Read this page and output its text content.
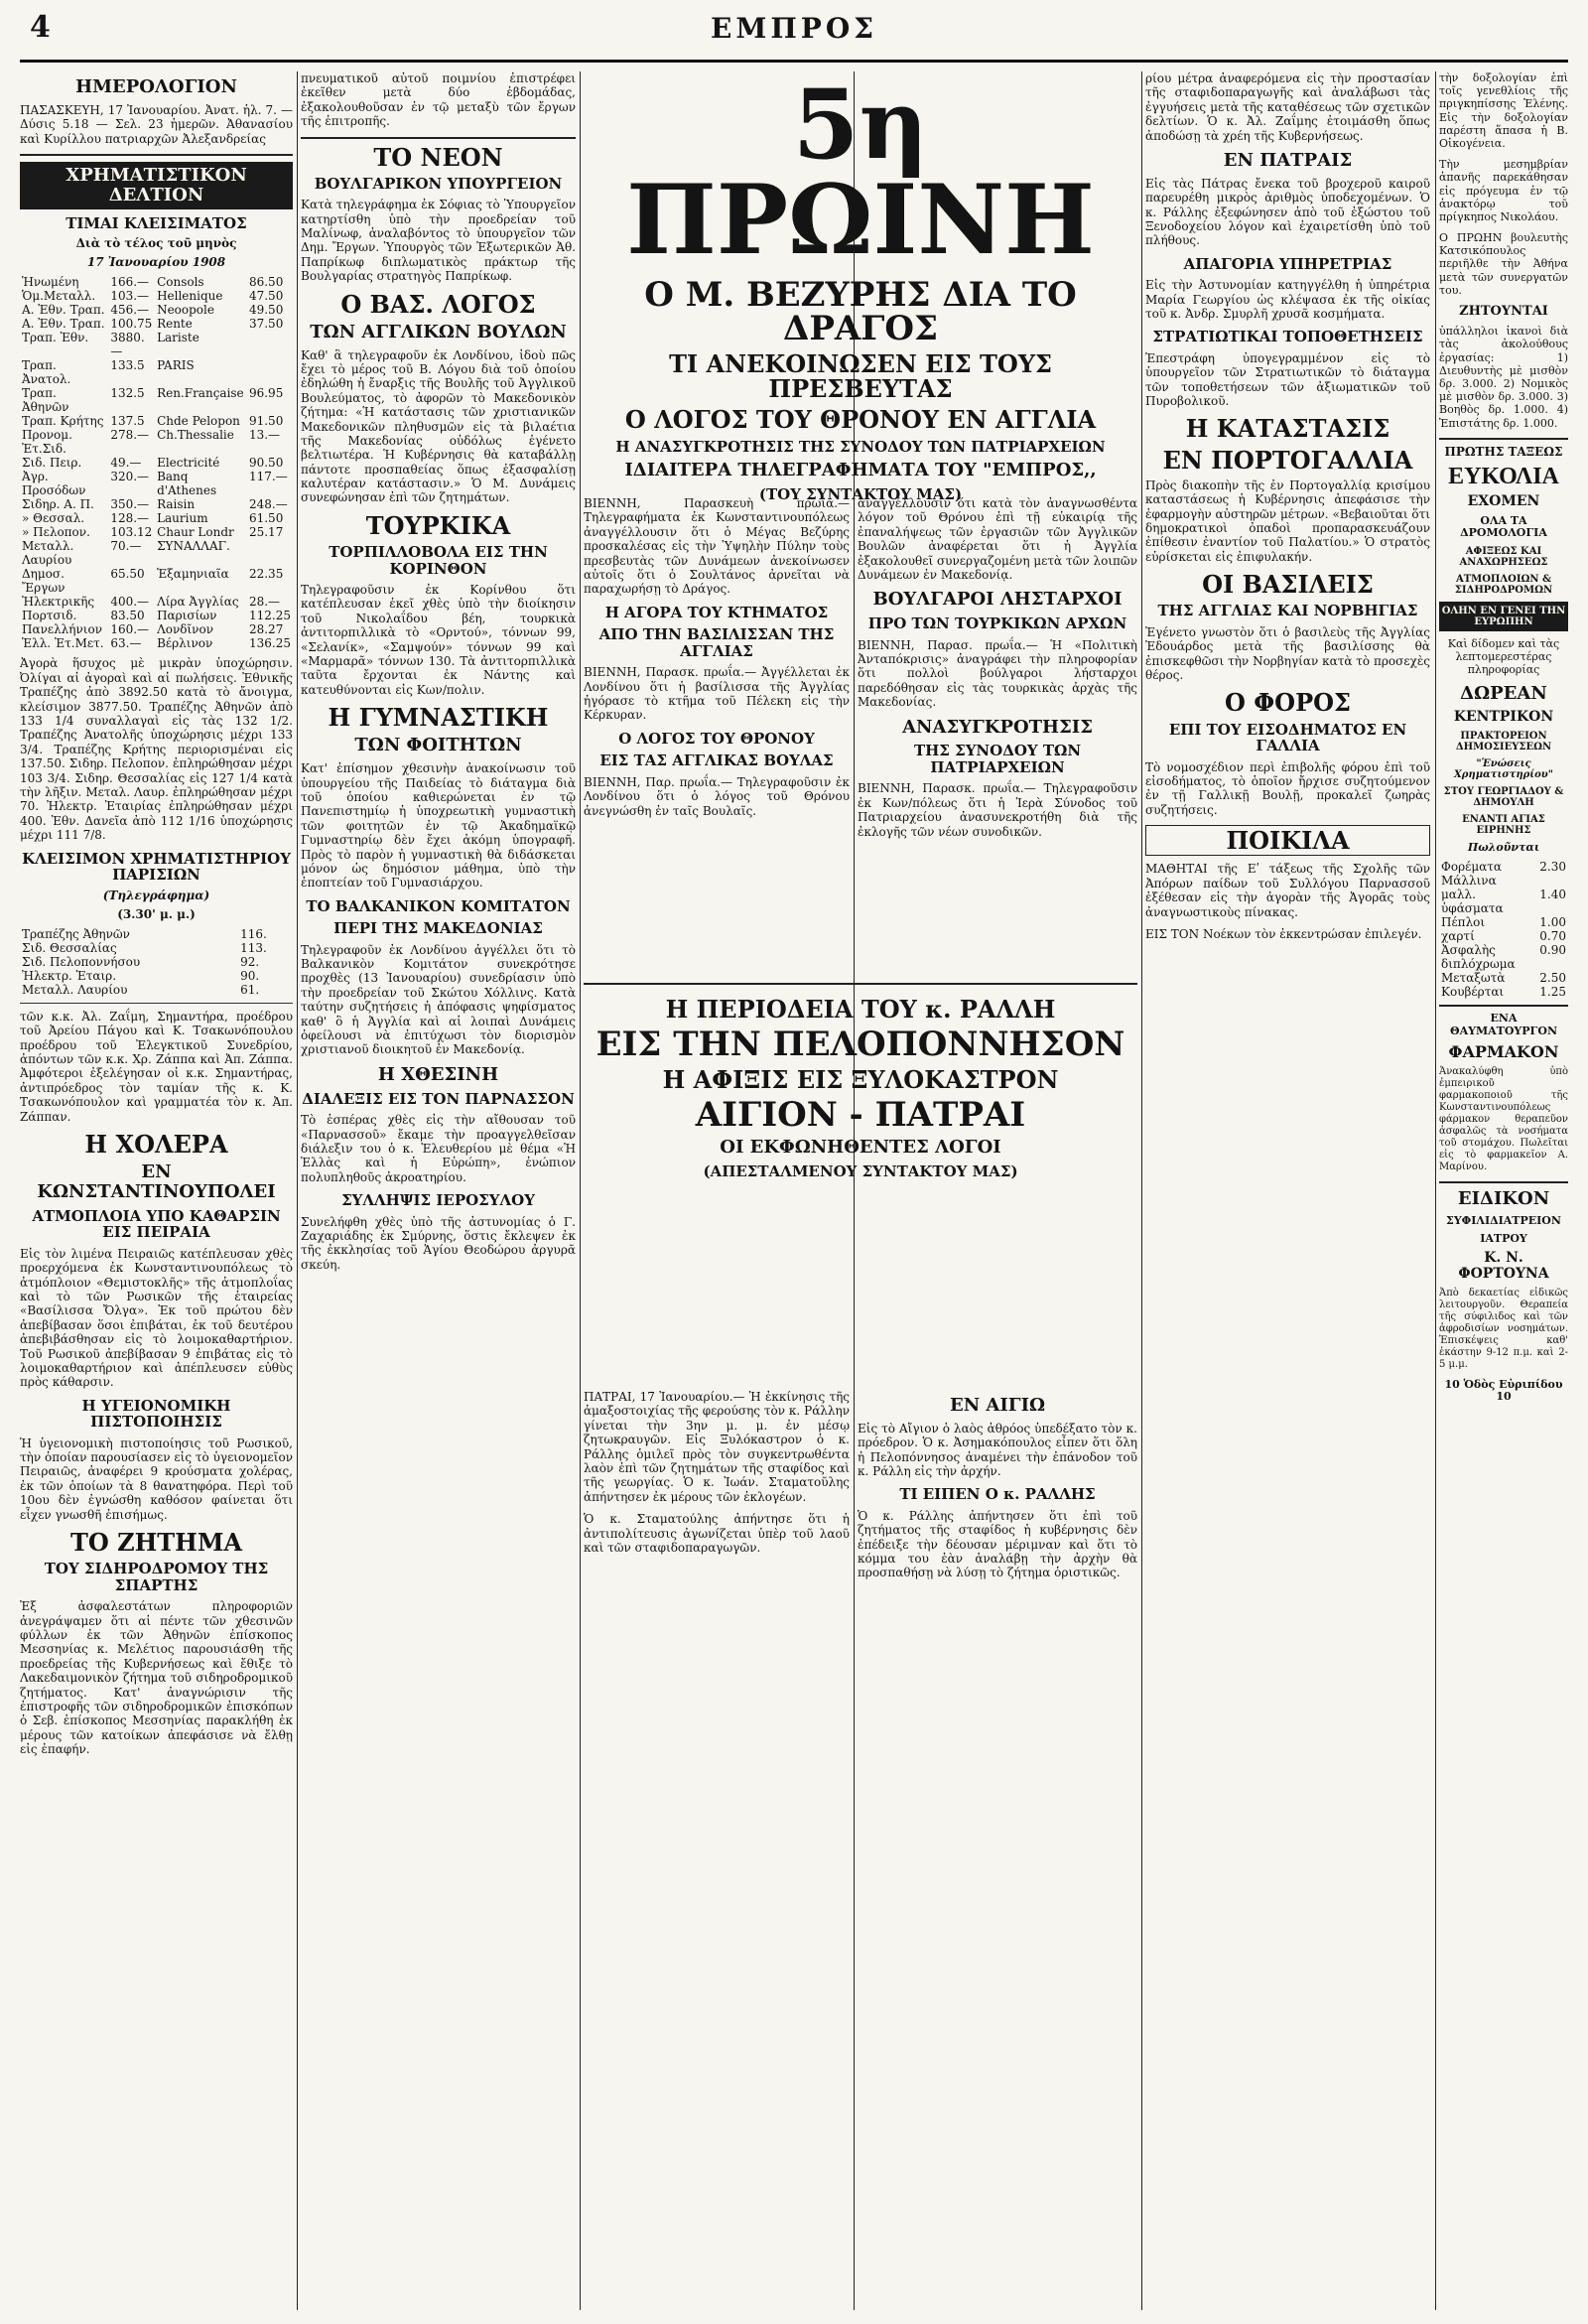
4	ΕΜΠΡΟΣ
ΗΜΕΡΟΛΟΓΙΟΝ

ΠΑΣΑΣΚΕΥΗ, 17 Ἰανουαρίου. Ἀνατ. ἡλ. 7. — Δύσις 5.18 — Σελ. 23 ἡμερῶν. Ἀθανασίου καὶ Κυρίλλου πατριαρχῶν Ἀλεξανδρείας

ΧΡΗΜΑΤΙΣΤΙΚΟΝ ΔΕΛΤΙΟΝ
ΤΙΜΑΙ ΚΛΕΙΣΙΜΑΤΟΣ
Διὰ τὸ τέλος τοῦ μηνὸς
17 Ἰανουαρίου 1908
Ἡνωμένη	166.—	Consols	86.50
Ὁμ.Μεταλλ.	103.—	Hellenique	47.50
Α. Ἐθν. Τραπ.	456.—	Neoopole	49.50
Α. Ἐθν. Τραπ.	100.75	Rente	37.50
Τραπ. Ἐθν.	3880.—	Lariste	
Τραπ. Ἀνατολ.	133.5	PARIS	
Τραπ. Ἀθηνῶν	132.5	Ren.Française	96.95
Τραπ. Κρήτης	137.5	Chde Pelopon	91.50
Προνομ. Ἐτ.Σιδ.	278.—	Ch.Thessalie	13.—
Σιδ. Πειρ.	49.—	Electricité	90.50
Ἀγρ. Προσόδων	320.—	Banq d'Athenes	117.—
Σιδηρ. Α. Π.	350.—	Raisin	248.—
» Θεσσαλ.	128.—	Laurium	61.50
» Πελοπον.	103.12	Chaur Londr	25.17
Μεταλλ. Λαυρίου	70.—	ΣΥΝΑΛΛΑΓ.	
Δημοσ. Ἔργων	65.50	Ἑξαμηνιαῖα	22.35
Ἠλεκτρικῆς	400.—	Λίρα Ἀγγλίας	28.—
Πορτσιδ.	83.50	Παρισίων	112.25
Πανελλήνιον	160.—	Λονδῖνον	28.27
Ἑλλ. Ἐτ.Μετ.	63.—	Βέρλινον	136.25

Ἀγορὰ ἥσυχος μὲ μικρὰν ὑποχώρησιν. Ὀλίγαι αἱ ἀγοραὶ καὶ αἱ πωλήσεις. Ἐθνικῆς Τραπέζης ἀπὸ 3892.50 κατὰ τὸ ἄνοιγμα, κλείσιμον 3877.50. Τραπέζης Ἀθηνῶν ἀπὸ 133 1/4 συναλλαγαὶ εἰς τὰς 132 1/2. Τραπέζης Ἀνατολῆς ὑποχώρησις μέχρι 133 3/4. Τραπέζης Κρήτης περιορισμέναι εἰς 137.50. Σιδηρ. Πελοπον. ἐπληρώθησαν μέχρι 103 3/4. Σιδηρ. Θεσσαλίας εἰς 127 1/4 κατὰ τὴν λῆξιν. Μεταλ. Λαυρ. ἐπληρώθησαν μέχρι 70. Ἠλεκτρ. Ἐταιρίας ἐπληρώθησαν μέχρι 400. Ἐθν. Δανεῖα ἀπὸ 112 1/16 ὑποχώρησις μέχρι 111 7/8.

ΚΛΕΙΣΙΜΟΝ ΧΡΗΜΑΤΙΣΤΗΡΙΟΥ ΠΑΡΙΣΙΩΝ
(Τηλεγράφημα)
(3.30' μ. μ.)
Τραπέζης Ἀθηνῶν	116.
Σιδ. Θεσσαλίας	113.
Σιδ. Πελοποννήσου	92.
Ἠλεκτρ. Ἑταιρ.	90.
Μεταλλ. Λαυρίου	61.

τῶν κ.κ. Ἀλ. Ζαΐμη, Σημαντήρα, προέδρου τοῦ Ἀρείου Πάγου καὶ Κ. Τσακωνόπουλου προέδρου τοῦ Ἐλεγκτικοῦ Συνεδρίου, ἀπόντων τῶν κ.κ. Χρ. Ζάππα καὶ Ἀπ. Ζάππα. Ἀμφότεροι ἐξελέγησαν οἱ κ.κ. Σημαντήρας, ἀντιπρόεδρος τὸν ταμίαν τῆς κ. Κ. Τσακωνόπουλον καὶ γραμματέα τὸν κ. Ἀπ. Ζάππαν.

Η ΧΟΛΕΡΑ
ΕΝ ΚΩΝΣΤΑΝΤΙΝΟΥΠΟΛΕΙ
ΑΤΜΟΠΛΟΙΑ ΥΠΟ ΚΑΘΑΡΣΙΝ ΕΙΣ ΠΕΙΡΑΙΑ

Εἰς τὸν λιμένα Πειραιῶς κατέπλευσαν χθὲς προερχόμενα ἐκ Κωνσταντινουπόλεως τὸ ἀτμόπλοιον «Θεμιστοκλῆς» τῆς ἀτμοπλοΐας καὶ τὸ τῶν Ρωσικῶν τῆς ἑταιρείας «Βασίλισσα Ὄλγα». Ἐκ τοῦ πρώτου δὲν ἀπεβίβασαν ὅσοι ἐπιβάται, ἐκ τοῦ δευτέρου ἀπεβιβάσθησαν εἰς τὸ λοιμοκαθαρτήριον. Τοῦ Ρωσικοῦ ἀπεβίβασαν 9 ἐπιβάτας εἰς τὸ λοιμοκαθαρτήριον καὶ ἀπέπλευσεν εὐθὺς πρὸς κάθαρσιν.

Η ΥΓΕΙΟΝΟΜΙΚΗ ΠΙΣΤΟΠΟΙΗΣΙΣ

Ἡ ὑγειονομικὴ πιστοποίησις τοῦ Ρωσικοῦ, τὴν ὁποίαν παρουσίασεν εἰς τὸ ὑγειονομεῖον Πειραιῶς, ἀναφέρει 9 κρούσματα χολέρας, ἐκ τῶν ὁποίων τὰ 8 θανατηφόρα. Περὶ τοῦ 10ου δὲν ἐγνώσθη καθόσον φαίνεται ὅτι εἶχεν γνωσθῆ ἐπισήμως.

ΤΟ ΖΗΤΗΜΑ
ΤΟΥ ΣΙΔΗΡΟΔΡΟΜΟΥ ΤΗΣ ΣΠΑΡΤΗΣ

Ἐξ ἀσφαλεστάτων πληροφοριῶν ἀνεγράψαμεν ὅτι αἱ πέντε τῶν χθεσινῶν φύλλων ἐκ τῶν Ἀθηνῶν ἐπίσκοπος Μεσσηνίας κ. Μελέτιος παρουσιάσθη τῆς προεδρείας τῆς Κυβερνήσεως καὶ ἔθιξε τὸ Λακεδαιμονικὸν ζήτημα τοῦ σιδηροδρομικοῦ ζητήματος. Κατ' ἀναγνώρισιν τῆς ἐπιστροφῆς τῶν σιδηροδρομικῶν ἐπισκόπων ὁ Σεβ. ἐπίσκοπος Μεσσηνίας παρακλήθη ἐκ μέρους τῶν κατοίκων ἀπεφάσισε νὰ ἔλθῃ εἰς ἐπαφήν.

πνευματικοῦ αὐτοῦ ποιμνίου ἐπιστρέφει ἐκεῖθεν μετὰ δύο ἑβδομάδας, ἐξακολουθοῦσαν ἐν τῷ μεταξὺ τῶν ἔργων τῆς ἐπιτροπῆς.

ΤΟ ΝΕΟΝ
ΒΟΥΛΓΑΡΙΚΟΝ ΥΠΟΥΡΓΕΙΟΝ

Κατὰ τηλεγράφημα ἐκ Σόφιας τὸ Ὑπουργεῖον κατηρτίσθη ὑπὸ τὴν προεδρείαν τοῦ Μαλίνωφ, ἀναλαβόντος τὸ ὑπουργεῖον τῶν Δημ. Ἔργων. Ὑπουργὸς τῶν Ἐξωτερικῶν Ἀθ. Παπρίκωφ διπλωματικὸς πράκτωρ τῆς Βουλγαρίας στρατηγὸς Παπρίκωφ.

Ο ΒΑΣ. ΛΟΓΟΣ
ΤΩΝ ΑΓΓΛΙΚΩΝ ΒΟΥΛΩΝ

Καθ' ἃ τηλεγραφοῦν ἐκ Λονδίνου, ἰδοὺ πῶς ἔχει τὸ μέρος τοῦ Β. Λόγου διὰ τοῦ ὁποίου ἐδηλώθη ἡ ἔναρξις τῆς Βουλῆς τοῦ Ἀγγλικοῦ Βουλεύματος, τὸ ἀφορῶν τὸ Μακεδονικὸν ζήτημα: «Ἡ κατάστασις τῶν χριστιανικῶν Μακεδονικῶν πληθυσμῶν εἰς τὰ βιλαέτια τῆς Μακεδονίας οὐδόλως ἐγένετο βελτιωτέρα. Ἡ Κυβέρνησις θὰ καταβάλλῃ πάντοτε προσπαθείας ὅπως ἐξασφαλίσῃ καλυτέραν κατάστασιν.» Ὁ Μ. Δυνάμεις συνεφώνησαν ἐπὶ τῶν ζητημάτων.

ΤΟΥΡΚΙΚΑ
ΤΟΡΠΙΛΛΟΒΟΛΑ ΕΙΣ ΤΗΝ ΚΟΡΙΝΘΟΝ

Τηλεγραφοῦσιν ἐκ Κορίνθου ὅτι κατέπλευσαν ἐκεῖ χθὲς ὑπὸ τὴν διοίκησιν τοῦ Νικολαΐδου βέη, τουρκικὰ ἀντιτορπιλλικὰ τὸ «Ορντού», τόννων 99, «Σελανίκ», «Σαμψούν» τόννων 99 καὶ «Μαρμαρᾶ» τόννων 130. Τὰ ἀντιτορπιλλικὰ ταῦτα ἔρχονται ἐκ Νάντης καὶ κατευθύνονται εἰς Κων/πολιν.

Η ΓΥΜΝΑΣΤΙΚΗ
ΤΩΝ ΦΟΙΤΗΤΩΝ

Κατ' ἐπίσημον χθεσινὴν ἀνακοίνωσιν τοῦ ὑπουργείου τῆς Παιδείας τὸ διάταγμα διὰ τοῦ ὁποίου καθιερώνεται ἐν τῷ Πανεπιστημίῳ ἡ ὑποχρεωτικὴ γυμναστικὴ τῶν φοιτητῶν ἐν τῷ Ἀκαδημαϊκῷ Γυμναστηρίῳ δὲν ἔχει ἀκόμη ὑπογραφῆ. Πρὸς τὸ παρὸν ἡ γυμναστικὴ θὰ διδάσκεται μόνον ὡς δημόσιον μάθημα, ὑπὸ τὴν ἐποπτείαν τοῦ Γυμνασιάρχου.

ΤΟ ΒΑΛΚΑΝΙΚΟΝ ΚΟΜΙΤΑΤΟΝ
ΠΕΡΙ ΤΗΣ ΜΑΚΕΔΟΝΙΑΣ

Τηλεγραφοῦν ἐκ Λονδίνου ἀγγέλλει ὅτι τὸ Βαλκανικὸν Κομιτάτον συνεκρότησε προχθὲς (13 Ἰανουαρίου) συνεδρίασιν ὑπὸ τὴν προεδρείαν τοῦ Σκώτου Χόλλινς. Κατὰ ταύτην συζητήσεις ἡ ἀπόφασις ψηφίσματος καθ' ὃ ἡ Ἀγγλία καὶ αἱ λοιπαὶ Δυνάμεις ὀφείλουσι νὰ ἐπιτύχωσι τὸν διορισμὸν χριστιανοῦ διοικητοῦ ἐν Μακεδονίᾳ.

Η ΧΘΕΣΙΝΗ
ΔΙΑΛΕΞΙΣ ΕΙΣ ΤΟΝ ΠΑΡΝΑΣΣΟΝ

Τὸ ἑσπέρας χθὲς εἰς τὴν αἴθουσαν τοῦ «Παρνασσοῦ» ἔκαμε τὴν προαγγελθεῖσαν διάλεξιν του ὁ κ. Ἐλευθερίου μὲ θέμα «Ἡ Ἑλλὰς καὶ ἡ Εὐρώπη», ἐνώπιον πολυπληθοῦς ἀκροατηρίου.

ΣΥΛΛΗΨΙΣ ΙΕΡΟΣΥΛΟΥ

Συνελήφθη χθὲς ὑπὸ τῆς ἀστυνομίας ὁ Γ. Ζαχαριάδης ἐκ Σμύρνης, ὅστις ἔκλεψεν ἐκ τῆς ἐκκλησίας τοῦ Ἁγίου Θεοδώρου ἀργυρᾶ σκεύη.

5η ΠΡΩΙΝΗ
Ο Μ. ΒΕΖΥΡΗΣ ΔΙΑ ΤΟ ΔΡΑΓΟΣ
ΤΙ ΑΝΕΚΟΙΝΩΣΕΝ ΕΙΣ ΤΟΥΣ ΠΡΕΣΒΕΥΤΑΣ
Ο ΛΟΓΟΣ ΤΟΥ ΘΡΟΝΟΥ ΕΝ ΑΓΓΛΙΑ
Η ΑΝΑΣΥΓΚΡΟΤΗΣΙΣ ΤΗΣ ΣΥΝΟΔΟΥ ΤΩΝ ΠΑΤΡΙΑΡΧΕΙΩΝ
ΙΔΙΑΙΤΕΡΑ ΤΗΛΕΓΡΑΦΗΜΑΤΑ ΤΟΥ "ΕΜΠΡΟΣ,,
(ΤΟΥ ΣΥΝΤΑΚΤΟΥ ΜΑΣ)

ΒΙΕΝΝΗ, Παρασκευὴ πρωΐα.— Τηλεγραφήματα ἐκ Κωνσταντινουπόλεως ἀναγγέλλουσιν ὅτι ὁ Μέγας Βεζύρης προσκαλέσας εἰς τὴν Ὑψηλὴν Πύλην τοὺς πρεσβευτὰς τῶν Δυνάμεων ἀνεκοίνωσεν αὐτοῖς ὅτι ὁ Σουλτάνος ἀρνεῖται νὰ παραχωρήσῃ τὸ Δράγος.

Η ΑΓΟΡΑ ΤΟΥ ΚΤΗΜΑΤΟΣ
ΑΠΟ ΤΗΝ ΒΑΣΙΛΙΣΣΑΝ ΤΗΣ ΑΓΓΛΙΑΣ

ΒΙΕΝΝΗ, Παρασκ. πρωΐα.— Ἀγγέλλεται ἐκ Λονδίνου ὅτι ἡ βασίλισσα τῆς Ἀγγλίας ἠγόρασε τὸ κτῆμα τοῦ Πέλεκη εἰς τὴν Κέρκυραν.

Ο ΛΟΓΟΣ ΤΟΥ ΘΡΟΝΟΥ
ΕΙΣ ΤΑΣ ΑΓΓΛΙΚΑΣ ΒΟΥΛΑΣ

ΒΙΕΝΝΗ, Παρ. πρωΐα.— Τηλεγραφοῦσιν ἐκ Λονδίνου ὅτι ὁ λόγος τοῦ Θρόνου ἀνεγνώσθη ἐν ταῖς Βουλαῖς.

ἀναγγέλλουσιν ὅτι κατὰ τὸν ἀναγνωσθέντα λόγον τοῦ Θρόνου ἐπὶ τῇ εὐκαιρίᾳ τῆς ἐπαναλήψεως τῶν ἐργασιῶν τῶν Ἀγγλικῶν Βουλῶν ἀναφέρεται ὅτι ἡ Ἀγγλία ἐξακολουθεῖ συνεργαζομένη μετὰ τῶν λοιπῶν Δυνάμεων ἐν Μακεδονίᾳ.

ΒΟΥΛΓΑΡΟΙ ΛΗΣΤΑΡΧΟΙ
ΠΡΟ ΤΩΝ ΤΟΥΡΚΙΚΩΝ ΑΡΧΩΝ

ΒΙΕΝΝΗ, Παρασ. πρωΐα.— Ἡ «Πολιτικὴ Ἀνταπόκρισις» ἀναγράφει τὴν πληροφορίαν ὅτι πολλοὶ βούλγαροι λήσταρχοι παρεδόθησαν εἰς τὰς τουρκικὰς ἀρχὰς τῆς Μακεδονίας.

ΑΝΑΣΥΓΚΡΟΤΗΣΙΣ
ΤΗΣ ΣΥΝΟΔΟΥ ΤΩΝ ΠΑΤΡΙΑΡΧΕΙΩΝ

ΒΙΕΝΝΗ, Παρασκ. πρωΐα.— Τηλεγραφοῦσιν ἐκ Κων/πόλεως ὅτι ἡ Ἱερὰ Σύνοδος τοῦ Πατριαρχείου ἀνασυνεκροτήθη διὰ τῆς ἐκλογῆς τῶν νέων συνοδικῶν.

Η ΠΕΡΙΟΔΕΙΑ ΤΟΥ κ. ΡΑΛΛΗ
ΕΙΣ ΤΗΝ ΠΕΛΟΠΟΝΝΗΣΟΝ
Η ΑΦΙΞΙΣ ΕΙΣ ΞΥΛΟΚΑΣΤΡΟΝ
ΑΙΓΙΟΝ - ΠΑΤΡΑΙ
ΟΙ ΕΚΦΩΝΗΘΕΝΤΕΣ ΛΟΓΟΙ
(ΑΠΕΣΤΑΛΜΕΝΟΥ ΣΥΝΤΑΚΤΟΥ ΜΑΣ)

ΠΑΤΡΑΙ, 17 Ἰανουαρίου.— Ἡ ἐκκίνησις τῆς ἀμαξοστοιχίας τῆς φερούσης τὸν κ. Ράλλην γίνεται τὴν 3ην μ. μ. ἐν μέσῳ ζητωκραυγῶν. Εἰς Ξυλόκαστρον ὁ κ. Ράλλης ὁμιλεῖ πρὸς τὸν συγκεντρωθέντα λαὸν ἐπὶ τῶν ζητημάτων τῆς σταφίδος καὶ τῆς γεωργίας. Ὁ κ. Ἰωάν. Σταματοῦλης ἀπήντησεν ἐκ μέρους τῶν ἐκλογέων.

Ὁ κ. Σταματούλης ἀπήντησε ὅτι ἡ ἀντιπολίτευσις ἀγωνίζεται ὑπὲρ τοῦ λαοῦ καὶ τῶν σταφιδοπαραγωγῶν.

ΕΝ ΑΙΓΙΩ

Εἰς τὸ Αἴγιον ὁ λαὸς ἀθρόος ὑπεδέξατο τὸν κ. πρόεδρον. Ὁ κ. Ἀσημακόπουλος εἶπεν ὅτι ὅλη ἡ Πελοπόννησος ἀναμένει τὴν ἐπάνοδον τοῦ κ. Ράλλη εἰς τὴν ἀρχήν.

ΤΙ ΕΙΠΕΝ Ο κ. ΡΑΛΛΗΣ

Ὁ κ. Ράλλης ἀπήντησεν ὅτι ἐπὶ τοῦ ζητήματος τῆς σταφίδος ἡ κυβέρνησις δὲν ἐπέδειξε τὴν δέουσαν μέριμναν καὶ ὅτι τὸ κόμμα του ἐὰν ἀναλάβῃ τὴν ἀρχὴν θὰ προσπαθήσῃ νὰ λύσῃ τὸ ζήτημα ὁριστικῶς.

ρίου μέτρα ἀναφερόμενα εἰς τὴν προστασίαν τῆς σταφιδοπαραγωγῆς καὶ ἀναλάβωσι τὰς ἐγγυήσεις μετὰ τῆς καταθέσεως τῶν σχετικῶν δελτίων. Ὁ κ. Ἀλ. Ζαΐμης ἐτοιμάσθη ὅπως ἀποδώσῃ τὰ χρέη τῆς Κυβερνήσεως.

ΕΝ ΠΑΤΡΑΙΣ

Εἰς τὰς Πάτρας ἔνεκα τοῦ βροχεροῦ καιροῦ παρευρέθη μικρὸς ἀριθμὸς ὑποδεχομένων. Ὁ κ. Ράλλης ἐξεφώνησεν ἀπὸ τοῦ ἐξώστου τοῦ Ξενοδοχείου λόγον καὶ ἐχαιρετίσθη ὑπὸ τοῦ πλήθους.

ΑΠΑΓΟΡΙΑ ΥΠΗΡΕΤΡΙΑΣ

Εἰς τὴν Ἀστυνομίαν κατηγγέλθη ἡ ὑπηρέτρια Μαρία Γεωργίου ὡς κλέψασα ἐκ τῆς οἰκίας τοῦ κ. Ἀνδρ. Σμυρλῆ χρυσᾶ κοσμήματα.

ΣΤΡΑΤΙΩΤΙΚΑΙ ΤΟΠΟΘΕΤΗΣΕΙΣ

Ἐπεστράφη ὑπογεγραμμένον εἰς τὸ ὑπουργεῖον τῶν Στρατιωτικῶν τὸ διάταγμα τῶν τοποθετήσεων τῶν ἀξιωματικῶν τοῦ Πυροβολικοῦ.

Η ΚΑΤΑΣΤΑΣΙΣ
ΕΝ ΠΟΡΤΟΓΑΛΛΙΑ

Πρὸς διακοπὴν τῆς ἐν Πορτογαλλίᾳ κρισίμου καταστάσεως ἡ Κυβέρνησις ἀπεφάσισε τὴν ἐφαρμογὴν αὐστηρῶν μέτρων. «Βεβαιοῦται ὅτι δημοκρατικοὶ ὀπαδοὶ προπαρασκευάζουν ἐπίθεσιν ἐναντίον τοῦ Παλατίου.» Ὁ στρατὸς εὑρίσκεται εἰς ἐπιφυλακήν.

ΟΙ ΒΑΣΙΛΕΙΣ
ΤΗΣ ΑΓΓΛΙΑΣ ΚΑΙ ΝΟΡΒΗΓΙΑΣ

Ἐγένετο γνωστὸν ὅτι ὁ βασιλεὺς τῆς Ἀγγλίας Ἐδουάρδος μετὰ τῆς βασιλίσσης θὰ ἐπισκεφθῶσι τὴν Νορβηγίαν κατὰ τὸ προσεχὲς θέρος.

Ο ΦΟΡΟΣ
ΕΠΙ ΤΟΥ ΕΙΣΟΔΗΜΑΤΟΣ ΕΝ ΓΑΛΛΙΑ

Τὸ νομοσχέδιον περὶ ἐπιβολῆς φόρου ἐπὶ τοῦ εἰσοδήματος, τὸ ὁποῖον ἤρχισε συζητούμενον ἐν τῇ Γαλλικῇ Βουλῇ, προκαλεῖ ζωηρὰς συζητήσεις.

ΠΟΙΚΙΛΑ

ΜΑΘΗΤΑΙ τῆς Εʹ τάξεως τῆς Σχολῆς τῶν Ἀπόρων παίδων τοῦ Συλλόγου Παρνασσοῦ ἐξέθεσαν εἰς τὴν ἀγορὰν τῆς Ἀγορᾶς τοὺς ἀναγνωστικοὺς πίνακας.

ΕΙΣ ΤΟΝ Νοέκων τὸν ἐκκεντρώσαν ἐπιλεγέν.

τὴν δοξολογίαν ἐπὶ τοῖς γενεθλίοις τῆς πριγκηπίσσης Ἑλένης. Εἰς τὴν δοξολογίαν παρέστη ἅπασα ἡ Β. Οἰκογένεια.

Τὴν μεσημβρίαν ἀπανῆς παρεκάθησαν εἰς πρόγευμα ἐν τῷ ἀνακτόρῳ τοῦ πρίγκηπος Νικολάου.

Ο ΠΡΩΗΝ βουλευτὴς Κατσικόπουλος περιῆλθε τὴν Ἀθήνα μετὰ τῶν συνεργατῶν του.

ΖΗΤΟΥΝΤΑΙ

ὑπάλληλοι ἱκανοὶ διὰ τὰς ἀκολούθους ἐργασίας: 1) Διευθυντὴς μὲ μισθὸν δρ. 3.000. 2) Νομικὸς μὲ μισθὸν δρ. 3.000. 3) Βοηθὸς δρ. 1.000. 4) Ἐπιστάτης δρ. 1.000.

ΠΡΩΤΗΣ ΤΑΞΕΩΣ
ΕΥΚΟΛΙΑ
ΕΧΟΜΕΝ
ΟΛΑ ΤΑ ΔΡΟΜΟΛΟΓΙΑ
ΑΦΙΞΕΩΣ ΚΑΙ ΑΝΑΧΩΡΗΣΕΩΣ
ΑΤΜΟΠΛΟΙΩΝ & ΣΙΔΗΡΟΔΡΟΜΩΝ
ΟΛΗΝ ΕΝ ΓΕΝΕΙ ΤΗΝ ΕΥΡΩΠΗΝ

Καὶ δίδομεν καὶ τὰς λεπτομερεστέρας πληροφορίας

ΔΩΡΕΑΝ
ΚΕΝΤΡΙΚΟΝ
ΠΡΑΚΤΟΡΕΙΟΝ ΔΗΜΟΣΙΕΥΣΕΩΝ
"Ἑνώσεις Χρηματιστηρίου"
ΣΤΟΥ ΓΕΩΡΓΙΑΔΟΥ & ΔΗΜΟΥΛΗ
ΕΝΑΝΤΙ ΑΓΙΑΣ ΕΙΡΗΝΗΣ
Πωλοῦνται
Φορέματα Μάλλινα	2.30
μαλλ. ὑφάσματα	1.40
Πέπλοι	1.00
χαρτί	0.70
Ἀσφαλὴς διπλόχρωμα	0.90
Μεταξωτὰ	2.50
Κουβέρται	1.25
ΕΝΑ ΘΑΥΜΑΤΟΥΡΓΟΝ
ΦΑΡΜΑΚΟΝ

Ἀνακαλύφθη ὑπὸ ἐμπειρικοῦ φαρμακοποιοῦ τῆς Κωνσταντινουπόλεως φάρμακον θεραπεῦον ἀσφαλῶς τὰ νοσήματα τοῦ στομάχου. Πωλεῖται εἰς τὸ φαρμακεῖον Α. Μαρίνου.

ΕΙΔΙΚΟΝ
ΣΥΦΙΛΙΔΙΑΤΡΕΙΟΝ
ΙΑΤΡΟΥ
Κ. Ν. ΦΟΡΤΟΥΝΑ

Ἀπὸ δεκαετίας εἰδικῶς λειτουργοῦν. Θεραπεία τῆς σύφιλιδος καὶ τῶν ἀφροδισίων νοσημάτων. Ἐπισκέψεις καθ' ἑκάστην 9-12 π.μ. καὶ 2-5 μ.μ.

10 Ὁδὸς Εὐριπίδου 10
